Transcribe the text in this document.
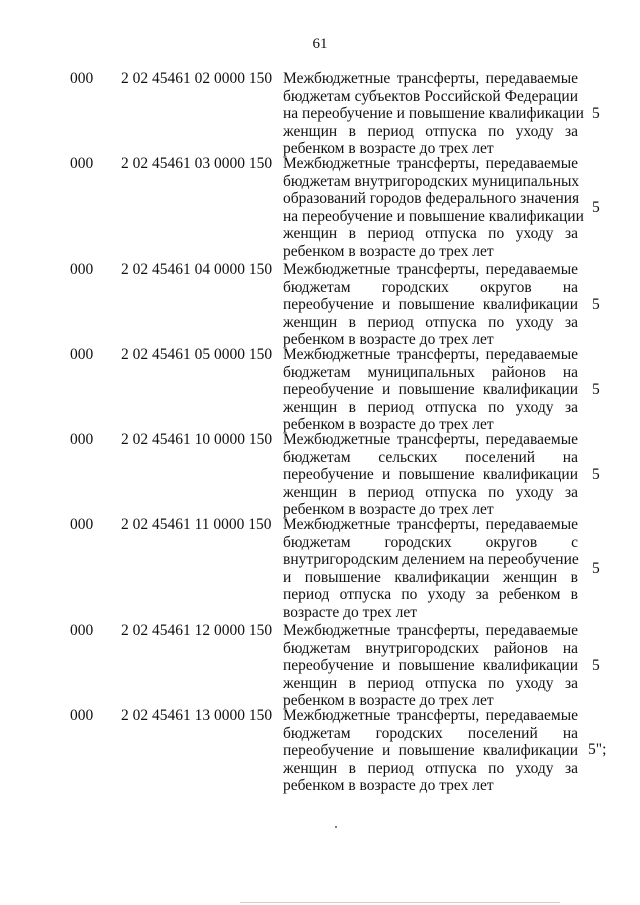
61
000 2 02 45461 02 0000 150 Межбюджетные трансферты, передаваемые
бюджетам субъектов Российской Федерации
на переобучение и повышение квалификации
женщин в период отпуска по уходу за
ребенком в возрасте до трех лет
5
000 2 02 45461 03 0000 150 Межбюджетные трансферты, передаваемые
бюджетам внутригородских муниципальных
образований городов федерального значения
на переобучение и повышение квалификации
женщин в период отпуска по уходу за
ребенком в возрасте до трех лет
5
000 2 02 45461 04 0000 150 Межбюджетные трансферты, передаваемые
бюджетам городских округов на
переобучение и повышение квалификации
женщин в период отпуска по уходу за
ребенком в возрасте до трех лет
5
000 2 02 45461 05 0000 150 Межбюджетные трансферты, передаваемые
бюджетам муниципальных районов на
переобучение и повышение квалификации
женщин в период отпуска по уходу за
ребенком в возрасте до трех лет
5
000 2 02 45461 10 0000 150 Межбюджетные трансферты, передаваемые
бюджетам сельских поселений на
переобучение и повышение квалификации
женщин в период отпуска по уходу за
ребенком в возрасте до трех лет
5
000 2 02 45461 11 0000 150 Межбюджетные трансферты, передаваемые
бюджетам городских округов с
внутригородским делением на переобучение
и повышение квалификации женщин в
период отпуска по уходу за ребенком в
возрасте до трех лет
5
000 2 02 45461 12 0000 150 Межбюджетные трансферты, передаваемые
бюджетам внутригородских районов на
переобучение и повышение квалификации
женщин в период отпуска по уходу за
ребенком в возрасте до трех лет
5
000 2 02 45461 13 0000 150 Межбюджетные трансферты, передаваемые
бюджетам городских поселений на
переобучение и повышение квалификации
женщин в период отпуска по уходу за
ребенком в возрасте до трех лет
5";
